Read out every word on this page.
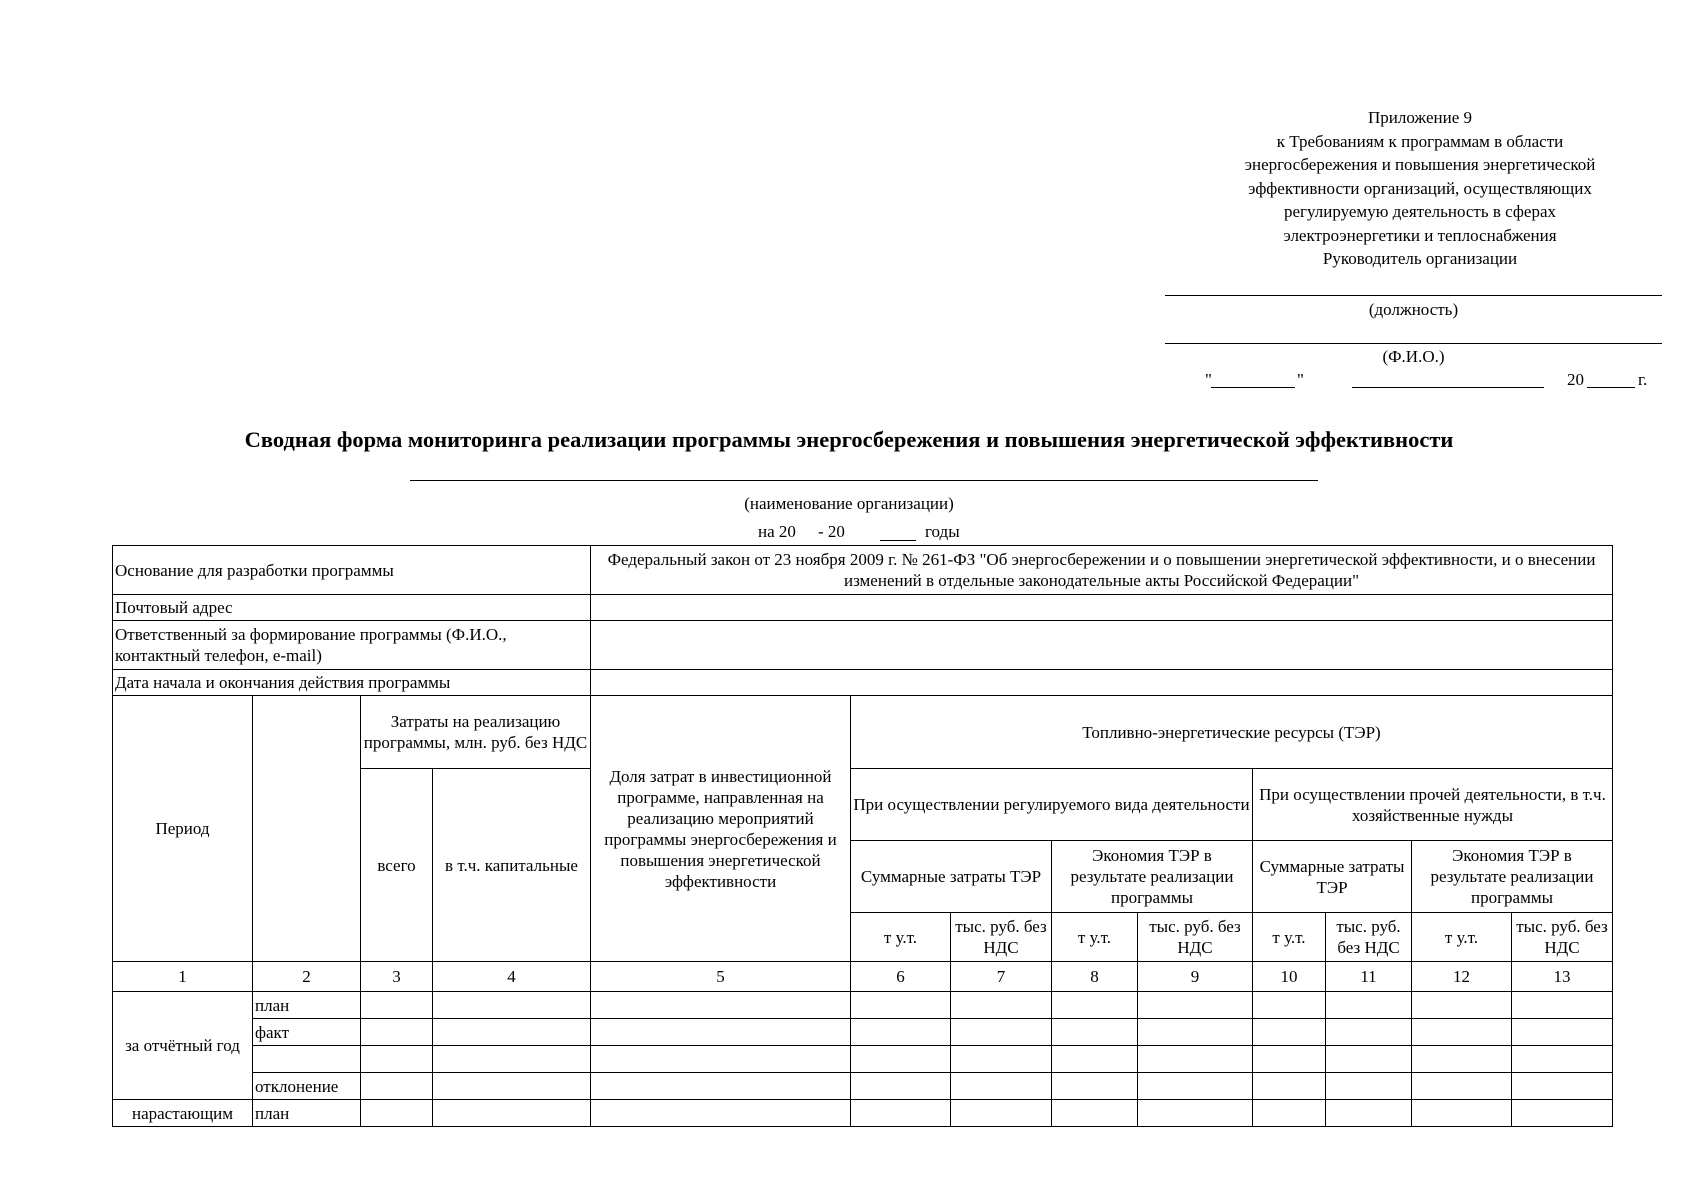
Приложение 9
к Требованиям к программам в области
энергосбережения и повышения энергетической
эффективности организаций, осуществляющих
регулируемую деятельность в сферах
электроэнергетики и теплоснабжения
Руководитель организации
(должность)
(Ф.И.О.)
"	"	20	г.
Сводная форма мониторинга реализации программы энергосбережения и повышения энергетической эффективности
(наименование организации)
на 20 - 20	годы
Основание для разработки программы				Федеральный закон от 23 ноября 2009 г. № 261-ФЗ "Об энергосбережении и о повышении энергетической эффективности, и о внесении изменений в отдельные законодательные акты Российской Федерации"								
Почтовый адрес												
Ответственный за формирование программы (Ф.И.О., контактный телефон, e-mail)												
Дата начала и окончания действия программы												
Период		Затраты на реализацию программы, млн. руб. без НДС		Доля затрат в инвестиционной программе, направленная на реализацию мероприятий программы энергосбережения и повышения энергетической эффективности	Топливно-энергетические ресурсы (ТЭР)							
		всего	в т.ч. капитальные		При осуществлении регулируемого вида деятельности				При осуществлении прочей деятельности, в т.ч. хозяйственные нужды			
					Суммарные затраты ТЭР		Экономия ТЭР в результате реализации программы		Суммарные затраты ТЭР		Экономия ТЭР в результате реализации программы	
					т у.т.	тыс. руб. без НДС	т у.т.	тыс. руб. без НДС	т у.т.	тыс. руб. без НДС	т у.т.	тыс. руб. без НДС
1	2	3	4	5	6	7	8	9	10	11	12	13
за отчётный год	план											
	факт											

	отклонение											
нарастающим	план											
